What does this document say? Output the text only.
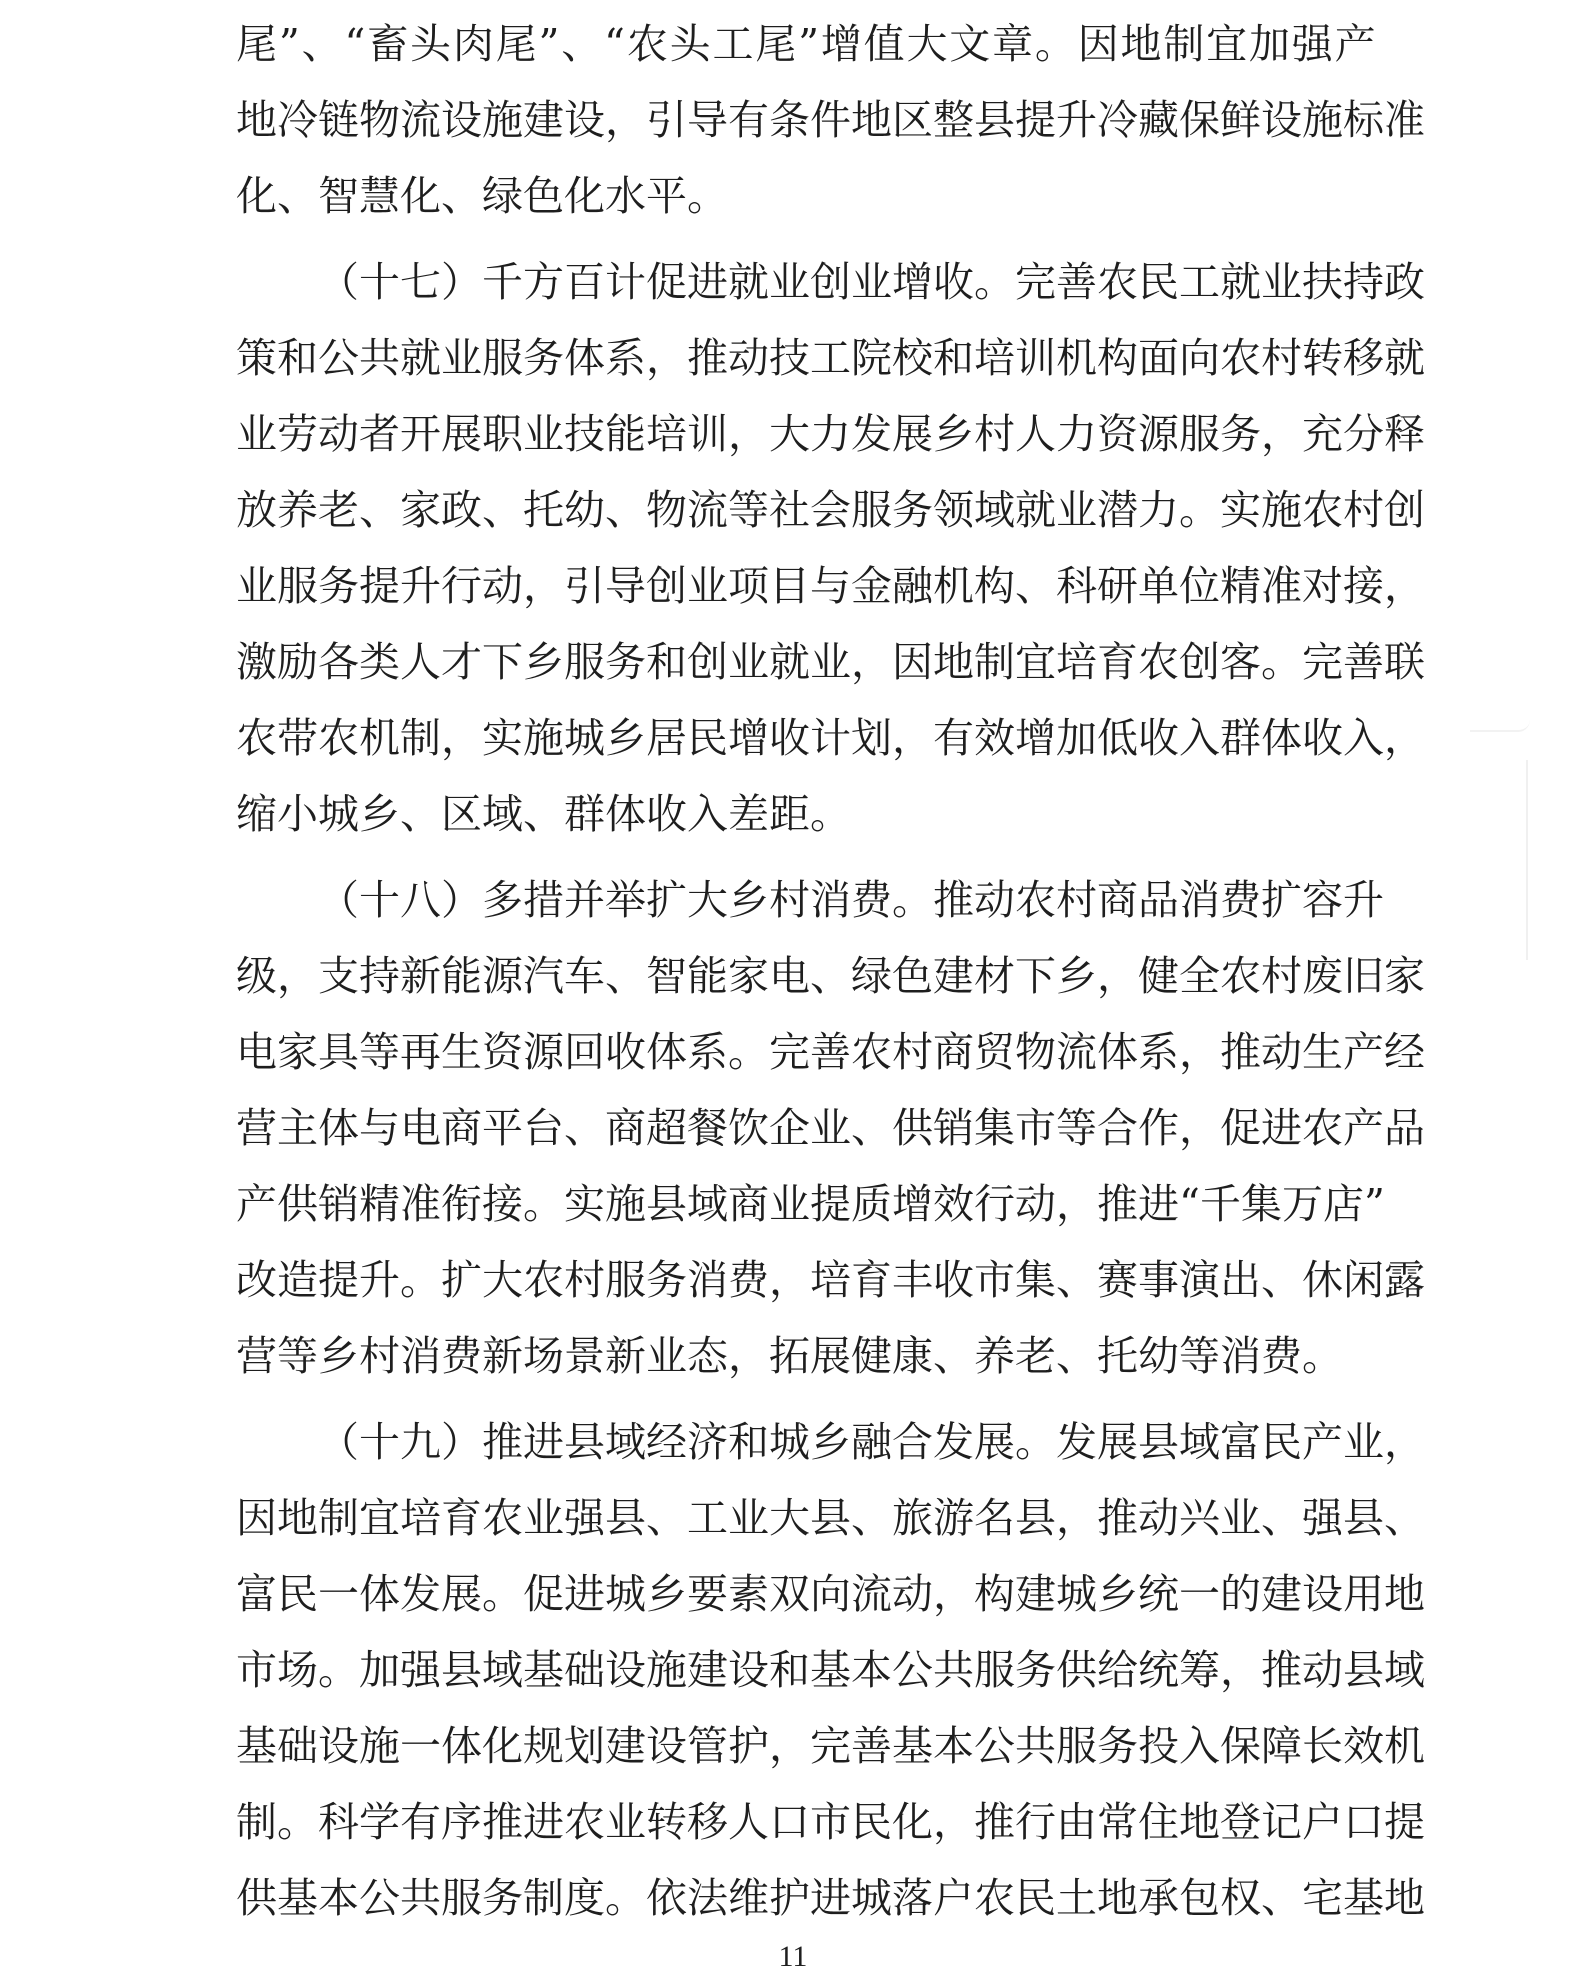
尾 ” 、 “ 畜 头 肉 尾 ” 、 “ 农 头 工 尾 ” 增 值 大 文 章 。 因 地 制 宜 加 强 产
地 冷 链 物 流 设 施 建 设 ， 引 导 有 条 件 地 区 整 县 提 升 冷 藏 保 鲜 设 施 标 准
化 、 智 慧 化 、 绿 色 化 水 平 。
（ 十 七 ） 千 方 百 计 促 进 就 业 创 业 增 收 。 完 善 农 民 工 就 业 扶 持 政
策 和 公 共 就 业 服 务 体 系 ， 推 动 技 工 院 校 和 培 训 机 构 面 向 农 村 转 移 就
业 劳 动 者 开 展 职 业 技 能 培 训 ， 大 力 发 展 乡 村 人 力 资 源 服 务 ， 充 分 释
放 养 老 、 家 政 、 托 幼 、 物 流 等 社 会 服 务 领 域 就 业 潜 力 。 实 施 农 村 创
业 服 务 提 升 行 动 ， 引 导 创 业 项 目 与 金 融 机 构 、 科 研 单 位 精 准 对 接 ，
激 励 各 类 人 才 下 乡 服 务 和 创 业 就 业 ， 因 地 制 宜 培 育 农 创 客 。 完 善 联
农 带 农 机 制 ， 实 施 城 乡 居 民 增 收 计 划 ， 有 效 增 加 低 收 入 群 体 收 入 ，
缩 小 城 乡 、 区 域 、 群 体 收 入 差 距 。
（ 十 八 ） 多 措 并 举 扩 大 乡 村 消 费 。 推 动 农 村 商 品 消 费 扩 容 升
级 ， 支 持 新 能 源 汽 车 、 智 能 家 电 、 绿 色 建 材 下 乡 ， 健 全 农 村 废 旧 家
电 家 具 等 再 生 资 源 回 收 体 系 。 完 善 农 村 商 贸 物 流 体 系 ， 推 动 生 产 经
营 主 体 与 电 商 平 台 、 商 超 餐 饮 企 业 、 供 销 集 市 等 合 作 ， 促 进 农 产 品
产 供 销 精 准 衔 接 。 实 施 县 域 商 业 提 质 增 效 行 动 ， 推 进 “ 千 集 万 店 ”
改 造 提 升 。 扩 大 农 村 服 务 消 费 ， 培 育 丰 收 市 集 、 赛 事 演 出 、 休 闲 露
营 等 乡 村 消 费 新 场 景 新 业 态 ， 拓 展 健 康 、 养 老 、 托 幼 等 消 费 。
（ 十 九 ） 推 进 县 域 经 济 和 城 乡 融 合 发 展 。 发 展 县 域 富 民 产 业 ，
因 地 制 宜 培 育 农 业 强 县 、 工 业 大 县 、 旅 游 名 县 ， 推 动 兴 业 、 强 县 、
富 民 一 体 发 展 。 促 进 城 乡 要 素 双 向 流 动 ， 构 建 城 乡 统 一 的 建 设 用 地
市 场 。 加 强 县 域 基 础 设 施 建 设 和 基 本 公 共 服 务 供 给 统 筹 ， 推 动 县 域
基 础 设 施 一 体 化 规 划 建 设 管 护 ， 完 善 基 本 公 共 服 务 投 入 保 障 长 效 机
制 。 科 学 有 序 推 进 农 业 转 移 人 口 市 民 化 ， 推 行 由 常 住 地 登 记 户 口 提
供 基 本 公 共 服 务 制 度 。 依 法 维 护 进 城 落 户 农 民 土 地 承 包 权 、 宅 基 地
11
